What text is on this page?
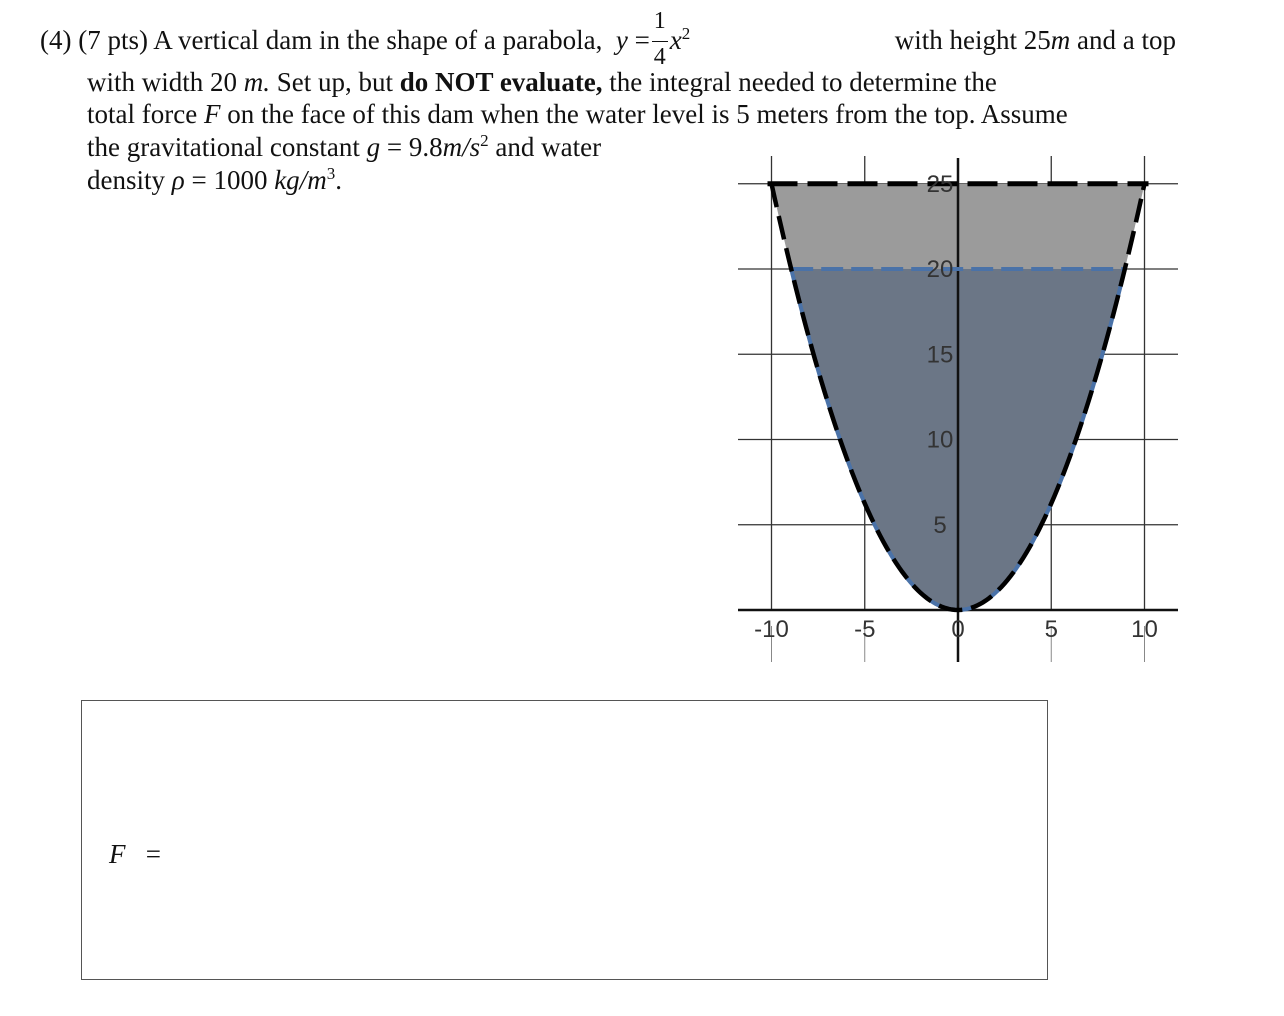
(4) (7 pts) A vertical dam in the shape of a parabola, $y = \frac{1}{4} x^2$	with height 25m and a top
with width 20 m. Set up, but do NOT evaluate, the integral needed to determine the
total force F on the face of this dam when the water level is 5 meters from the top. Assume
the gravitational constant $g = 9.8m/s^2$ and water
density ρ = 1000 $kg/m^3$.
-10	-5	0	5	10
5
10
15
20
25
F =
